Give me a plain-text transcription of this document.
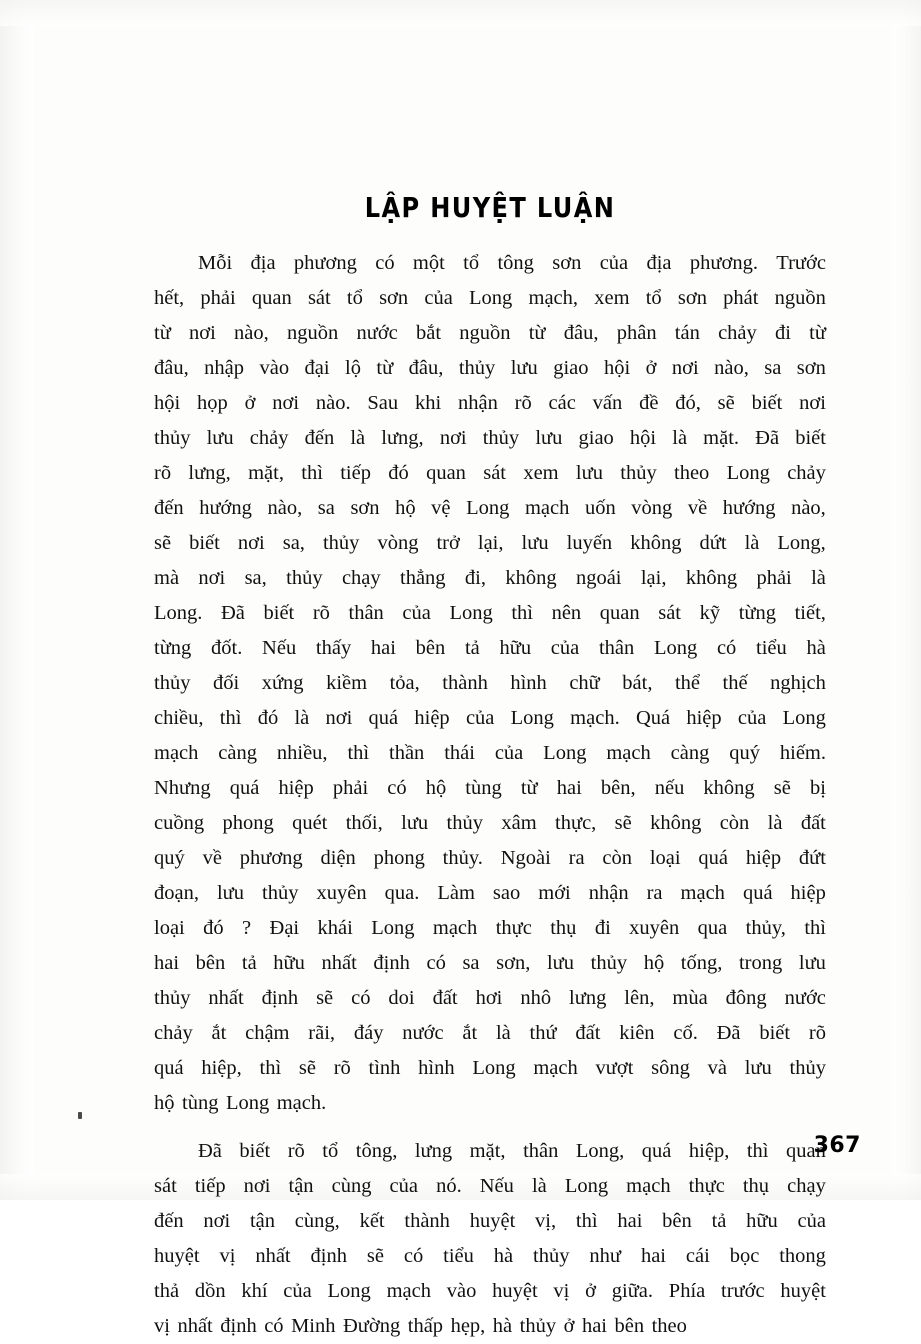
LẬP HUYỆT LUẬN

Mỗi địa phương có một tổ tông sơn của địa phương. Trước
hết, phải quan sát tổ sơn của Long mạch, xem tổ sơn phát nguồn
từ nơi nào, nguồn nước bắt nguồn từ đâu, phân tán chảy đi từ
đâu, nhập vào đại lộ từ đâu, thủy lưu giao hội ở nơi nào, sa sơn
hội họp ở nơi nào. Sau khi nhận rõ các vấn đề đó, sẽ biết nơi
thủy lưu chảy đến là lưng, nơi thủy lưu giao hội là mặt. Đã biết
rõ lưng, mặt, thì tiếp đó quan sát xem lưu thủy theo Long chảy
đến hướng nào, sa sơn hộ vệ Long mạch uốn vòng về hướng nào,
sẽ biết nơi sa, thủy vòng trở lại, lưu luyến không dứt là Long,
mà nơi sa, thủy chạy thẳng đi, không ngoái lại, không phải là
Long. Đã biết rõ thân của Long thì nên quan sát kỹ từng tiết,
từng đốt. Nếu thấy hai bên tả hữu của thân Long có tiểu hà
thủy đối xứng kiềm tỏa, thành hình chữ bát, thể thế nghịch
chiều, thì đó là nơi quá hiệp của Long mạch. Quá hiệp của Long
mạch càng nhiều, thì thần thái của Long mạch càng quý hiếm.
Nhưng quá hiệp phải có hộ tùng từ hai bên, nếu không sẽ bị
cuồng phong quét thối, lưu thủy xâm thực, sẽ không còn là đất
quý về phương diện phong thủy. Ngoài ra còn loại quá hiệp đứt
đoạn, lưu thủy xuyên qua. Làm sao mới nhận ra mạch quá hiệp
loại đó ? Đại khái Long mạch thực thụ đi xuyên qua thủy, thì
hai bên tả hữu nhất định có sa sơn, lưu thủy hộ tống, trong lưu
thủy nhất định sẽ có doi đất hơi nhô lưng lên, mùa đông nước
chảy ắt chậm rãi, đáy nước ắt là thứ đất kiên cố. Đã biết rõ
quá hiệp, thì sẽ rõ tình hình Long mạch vượt sông và lưu thủy
hộ tùng Long mạch.

Đã biết rõ tổ tông, lưng mặt, thân Long, quá hiệp, thì quan
sát tiếp nơi tận cùng của nó. Nếu là Long mạch thực thụ chạy
đến nơi tận cùng, kết thành huyệt vị, thì hai bên tả hữu của
huyệt vị nhất định sẽ có tiểu hà thủy như hai cái bọc thong
thả dồn khí của Long mạch vào huyệt vị ở giữa. Phía trước huyệt
vị nhất định có Minh Đường thấp hẹp, hà thủy ở hai bên theo

367
